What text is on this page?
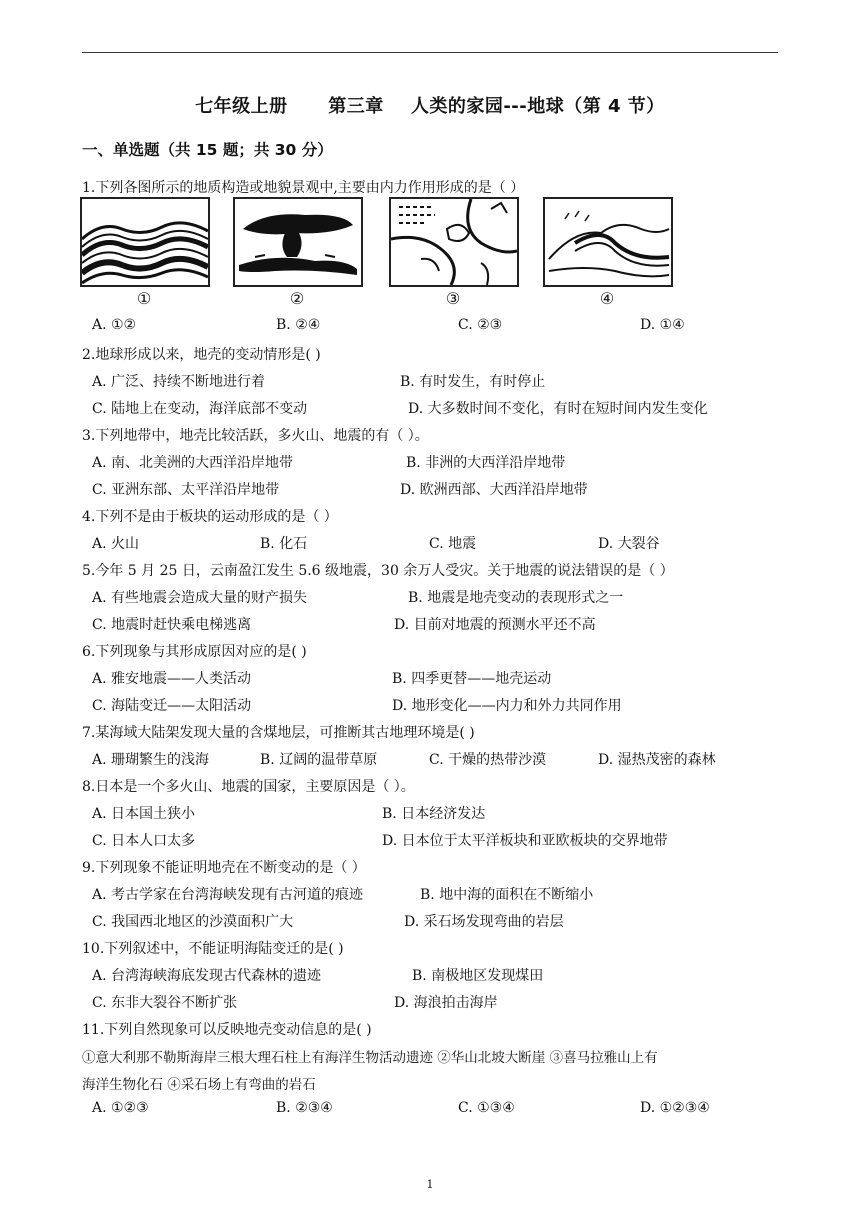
七年级上册      第三章    人类的家园---地球（第 4 节）
一、单选题（共 15 题；共 30 分）
1.下列各图所示的地质构造或地貌景观中,主要由内力作用形成的是（ ）
①	②	③	④
A. ①②	B. ②④	C. ②③	D. ①④
2.地球形成以来，地壳的变动情形是( )
A. 广泛、持续不断地进行着	B. 有时发生，有时停止
C. 陆地上在变动，海洋底部不变动	D. 大多数时间不变化，有时在短时间内发生变化
3.下列地带中，地壳比较活跃，多火山、地震的有（ ）。
A. 南、北美洲的大西洋沿岸地带	B. 非洲的大西洋沿岸地带
C. 亚洲东部、太平洋沿岸地带	D. 欧洲西部、大西洋沿岸地带
4.下列不是由于板块的运动形成的是（ ）
A. 火山	B. 化石	C. 地震	D. 大裂谷
5.今年 5 月 25 日，云南盈江发生 5.6 级地震，30 余万人受灾。关于地震的说法错误的是（ ）
A. 有些地震会造成大量的财产损失	B. 地震是地壳变动的表现形式之一
C. 地震时赶快乘电梯逃离	D. 目前对地震的预测水平还不高
6.下列现象与其形成原因对应的是( )
A. 雅安地震——人类活动	B. 四季更替——地壳运动
C. 海陆变迁——太阳活动	D. 地形变化——内力和外力共同作用
7.某海域大陆架发现大量的含煤地层，可推断其古地理环境是( )
A. 珊瑚繁生的浅海	B. 辽阔的温带草原	C. 干燥的热带沙漠	D. 湿热茂密的森林
8.日本是一个多火山、地震的国家，主要原因是（ ）。
A. 日本国土狭小	B. 日本经济发达
C. 日本人口太多	D. 日本位于太平洋板块和亚欧板块的交界地带
9.下列现象不能证明地壳在不断变动的是（ ）
A. 考古学家在台湾海峡发现有古河道的痕迹	B. 地中海的面积在不断缩小
C. 我国西北地区的沙漠面积广大	D. 采石场发现弯曲的岩层
10.下列叙述中，不能证明海陆变迁的是( )
A. 台湾海峡海底发现古代森林的遗迹	B. 南极地区发现煤田
C. 东非大裂谷不断扩张	D. 海浪拍击海岸
11.下列自然现象可以反映地壳变动信息的是( )
①意大利那不勒斯海岸三根大理石柱上有海洋生物活动遗迹 ②华山北坡大断崖 ③喜马拉雅山上有
海洋生物化石 ④采石场上有弯曲的岩石
A. ①②③	B. ②③④	C. ①③④	D. ①②③④
1
